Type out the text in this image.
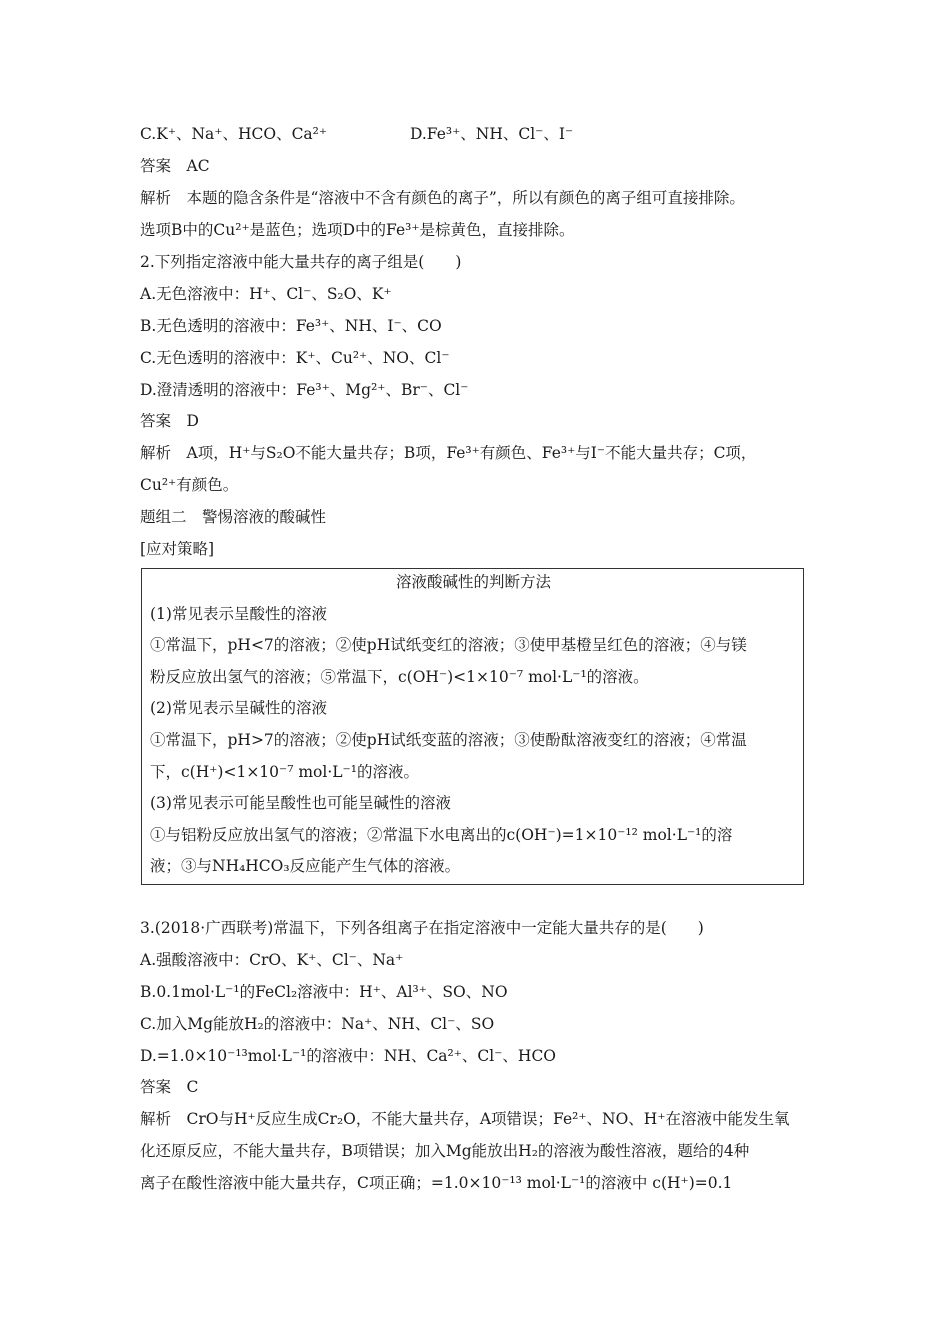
C.K⁺、Na⁺、HCO、Ca²⁺	D.Fe³⁺、NH、Cl⁻、I⁻
答案　AC
解析　本题的隐含条件是“溶液中不含有颜色的离子”，所以有颜色的离子组可直接排除。
选项B中的Cu²⁺是蓝色；选项D中的Fe³⁺是棕黄色，直接排除。
2.下列指定溶液中能大量共存的离子组是(　　)
A.无色溶液中：H⁺、Cl⁻、S₂O、K⁺
B.无色透明的溶液中：Fe³⁺、NH、I⁻、CO
C.无色透明的溶液中：K⁺、Cu²⁺、NO、Cl⁻
D.澄清透明的溶液中：Fe³⁺、Mg²⁺、Br⁻、Cl⁻
答案　D
解析　A项，H⁺与S₂O不能大量共存；B项，Fe³⁺有颜色、Fe³⁺与I⁻不能大量共存；C项，
Cu²⁺有颜色。
题组二　警惕溶液的酸碱性
[应对策略]
溶液酸碱性的判断方法
(1)常见表示呈酸性的溶液
①常温下，pH<7的溶液；②使pH试纸变红的溶液；③使甲基橙呈红色的溶液；④与镁
粉反应放出氢气的溶液；⑤常温下，c(OH⁻)<1×10⁻⁷ mol·L⁻¹的溶液。
(2)常见表示呈碱性的溶液
①常温下，pH>7的溶液；②使pH试纸变蓝的溶液；③使酚酞溶液变红的溶液；④常温
下，c(H⁺)<1×10⁻⁷ mol·L⁻¹的溶液。
(3)常见表示可能呈酸性也可能呈碱性的溶液
①与铝粉反应放出氢气的溶液；②常温下水电离出的c(OH⁻)=1×10⁻¹² mol·L⁻¹的溶
液；③与NH₄HCO₃反应能产生气体的溶液。
3.(2018·广西联考)常温下，下列各组离子在指定溶液中一定能大量共存的是(　　)
A.强酸溶液中：CrO、K⁺、Cl⁻、Na⁺
B.0.1mol·L⁻¹的FeCl₂溶液中：H⁺、Al³⁺、SO、NO
C.加入Mg能放H₂的溶液中：Na⁺、NH、Cl⁻、SO
D.=1.0×10⁻¹³mol·L⁻¹的溶液中：NH、Ca²⁺、Cl⁻、HCO
答案　C
解析　CrO与H⁺反应生成Cr₂O，不能大量共存，A项错误；Fe²⁺、NO、H⁺在溶液中能发生氧
化还原反应，不能大量共存，B项错误；加入Mg能放出H₂的溶液为酸性溶液，题给的4种
离子在酸性溶液中能大量共存，C项正确；=1.0×10⁻¹³ mol·L⁻¹的溶液中 c(H⁺)=0.1
